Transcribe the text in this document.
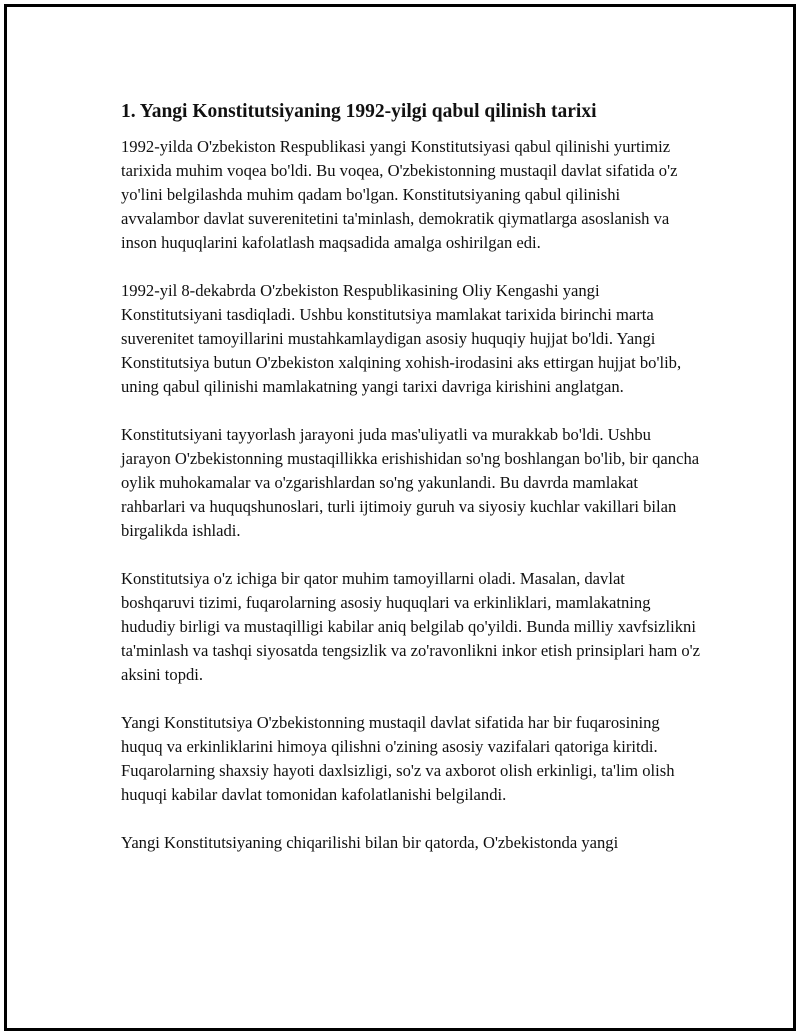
1. Yangi Konstitutsiyaning 1992-yilgi qabul qilinish tarixi

1992-yilda O'zbekiston Respublikasi yangi Konstitutsiyasi qabul qilinishi yurtimiz tarixida muhim voqea bo'ldi. Bu voqea, O'zbekistonning mustaqil davlat sifatida o'z yo'lini belgilashda muhim qadam bo'lgan. Konstitutsiyaning qabul qilinishi avvalambor davlat suverenitetini ta'minlash, demokratik qiymatlarga asoslanish va inson huquqlarini kafolatlash maqsadida amalga oshirilgan edi.

1992-yil 8-dekabrda O'zbekiston Respublikasining Oliy Kengashi yangi Konstitutsiyani tasdiqladi. Ushbu konstitutsiya mamlakat tarixida birinchi marta suverenitet tamoyillarini mustahkamlaydigan asosiy huquqiy hujjat bo'ldi. Yangi Konstitutsiya butun O'zbekiston xalqining xohish-irodasini aks ettirgan hujjat bo'lib, uning qabul qilinishi mamlakatning yangi tarixi davriga kirishini anglatgan.

Konstitutsiyani tayyorlash jarayoni juda mas'uliyatli va murakkab bo'ldi. Ushbu jarayon O'zbekistonning mustaqillikka erishishidan so'ng boshlangan bo'lib, bir qancha oylik muhokamalar va o'zgarishlardan so'ng yakunlandi. Bu davrda mamlakat rahbarlari va huquqshunoslari, turli ijtimoiy guruh va siyosiy kuchlar vakillari bilan birgalikda ishladi.

Konstitutsiya o'z ichiga bir qator muhim tamoyillarni oladi. Masalan, davlat boshqaruvi tizimi, fuqarolarning asosiy huquqlari va erkinliklari, mamlakatning hududiy birligi va mustaqilligi kabilar aniq belgilab qo'yildi. Bunda milliy xavfsizlikni ta'minlash va tashqi siyosatda tengsizlik va zo'ravonlikni inkor etish prinsiplari ham o'z aksini topdi.

Yangi Konstitutsiya O'zbekistonning mustaqil davlat sifatida har bir fuqarosining huquq va erkinliklarini himoya qilishni o'zining asosiy vazifalari qatoriga kiritdi. Fuqarolarning shaxsiy hayoti daxlsizligi, so'z va axborot olish erkinligi, ta'lim olish huquqi kabilar davlat tomonidan kafolatlanishi belgilandi.

Yangi Konstitutsiyaning chiqarilishi bilan bir qatorda, O'zbekistonda yangi
